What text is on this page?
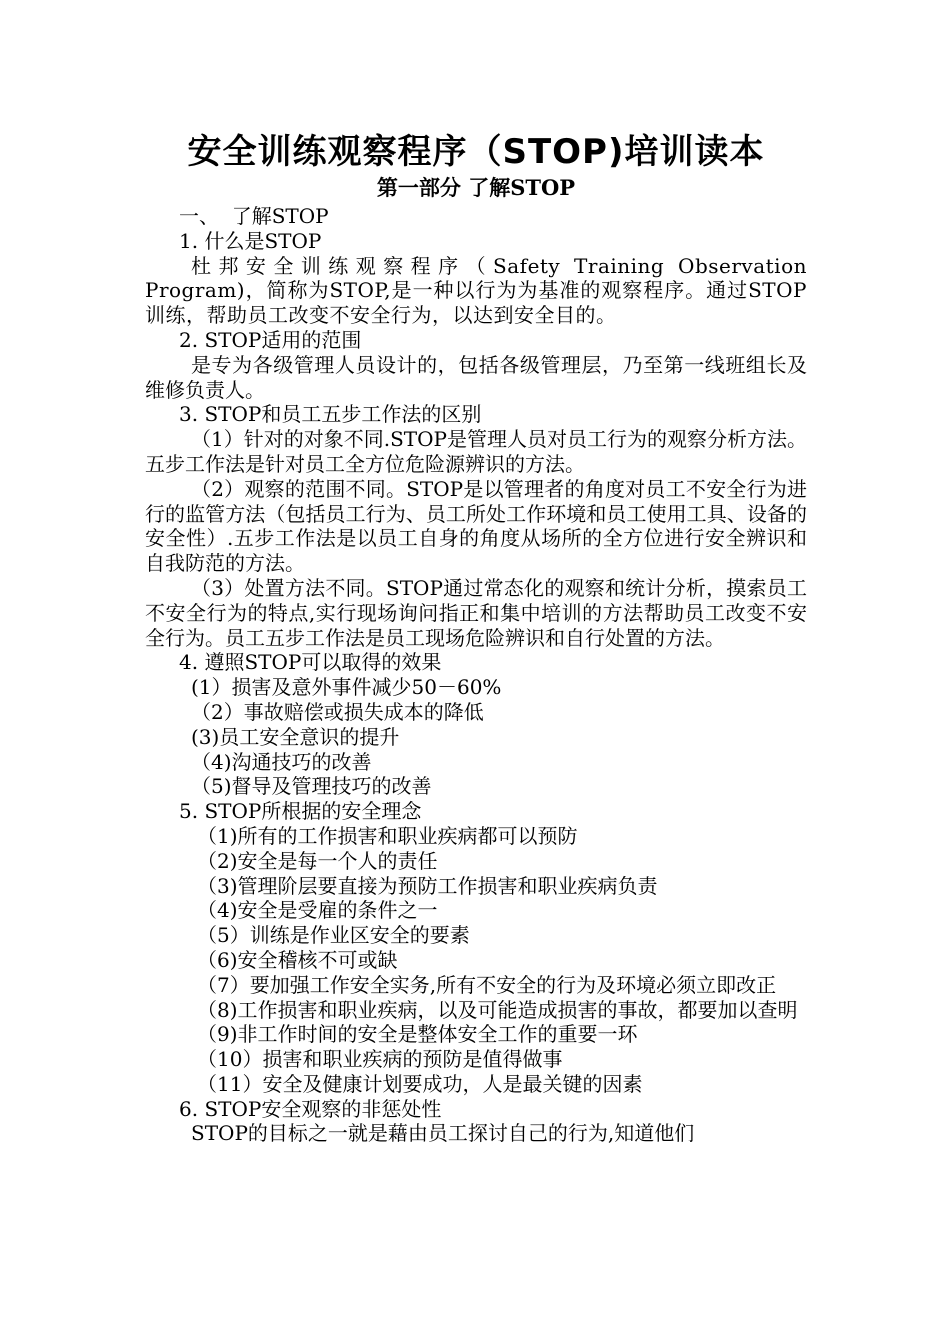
安全训练观察程序（STOP)培训读本
第一部分 了解STOP
一、  了解STOP
1. 什么是STOP
杜邦安全训练观察程序（Safety Training Observation Program)，简称为STOP,是一种以行为为基准的观察程序。通过STOP训练，帮助员工改变不安全行为，以达到安全目的。
2. STOP适用的范围
是专为各级管理人员设计的，包括各级管理层，乃至第一线班组长及维修负责人。
3. STOP和员工五步工作法的区别
（1）针对的对象不同.STOP是管理人员对员工行为的观察分析方法。五步工作法是针对员工全方位危险源辨识的方法。
（2）观察的范围不同。STOP是以管理者的角度对员工不安全行为进行的监管方法（包括员工行为、员工所处工作环境和员工使用工具、设备的安全性）.五步工作法是以员工自身的角度从场所的全方位进行安全辨识和自我防范的方法。
（3）处置方法不同。STOP通过常态化的观察和统计分析，摸索员工不安全行为的特点,实行现场询问指正和集中培训的方法帮助员工改变不安全行为。员工五步工作法是员工现场危险辨识和自行处置的方法。
4. 遵照STOP可以取得的效果
(1）损害及意外事件减少50－60%
（2）事故赔偿或损失成本的降低
(3)员工安全意识的提升
（4)沟通技巧的改善
（5)督导及管理技巧的改善
5. STOP所根据的安全理念
（1)所有的工作损害和职业疾病都可以预防
（2)安全是每一个人的责任
（3)管理阶层要直接为预防工作损害和职业疾病负责
（4)安全是受雇的条件之一
（5）训练是作业区安全的要素
（6)安全稽核不可或缺
（7）要加强工作安全实务,所有不安全的行为及环境必须立即改正
（8)工作损害和职业疾病，以及可能造成损害的事故，都要加以查明
（9)非工作时间的安全是整体安全工作的重要一环
（10）损害和职业疾病的预防是值得做事
（11）安全及健康计划要成功，人是最关键的因素
6. STOP安全观察的非惩处性
STOP的目标之一就是藉由员工探讨自己的行为,知道他们
